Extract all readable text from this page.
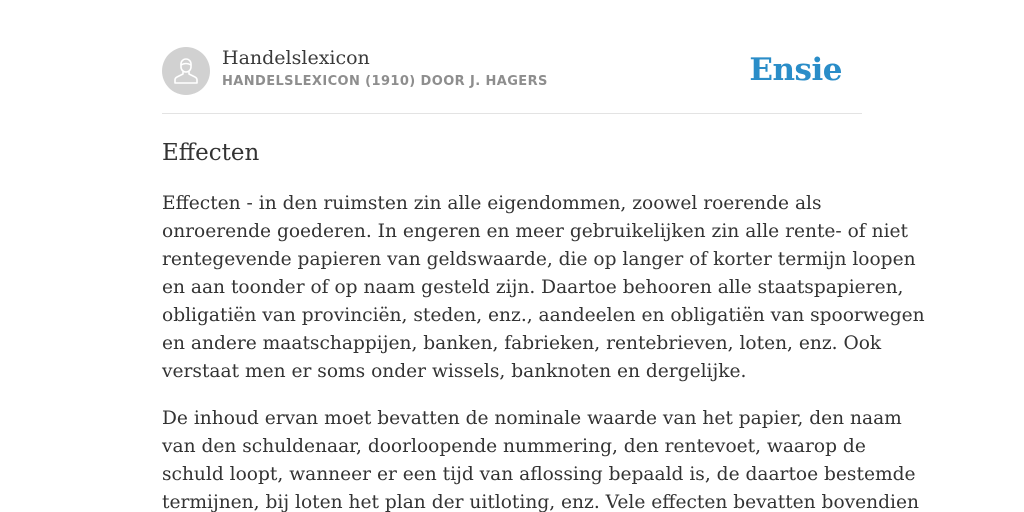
Handelslexicon
HANDELSLEXICON (1910) DOOR J. HAGERS	Ensie
Effecten

Effecten - in den ruimsten zin alle eigendommen, zoowel roerende als
onroerende goederen. In engeren en meer gebruikelijken zin alle rente- of niet
rentegevende papieren van geldswaarde, die op langer of korter termijn loopen
en aan toonder of op naam gesteld zijn. Daartoe behooren alle staatspapieren,
obligatiën van provinciën, steden, enz., aandeelen en obligatiën van spoorwegen
en andere maatschappijen, banken, fabrieken, rentebrieven, loten, enz. Ook
verstaat men er soms onder wissels, banknoten en dergelijke.

De inhoud ervan moet bevatten de nominale waarde van het papier, den naam
van den schuldenaar, doorloopende nummering, den rentevoet, waarop de
schuld loopt, wanneer er een tijd van aflossing bepaald is, de daartoe bestemde
termijnen, bij loten het plan der uitloting, enz. Vele effecten bevatten bovendien
